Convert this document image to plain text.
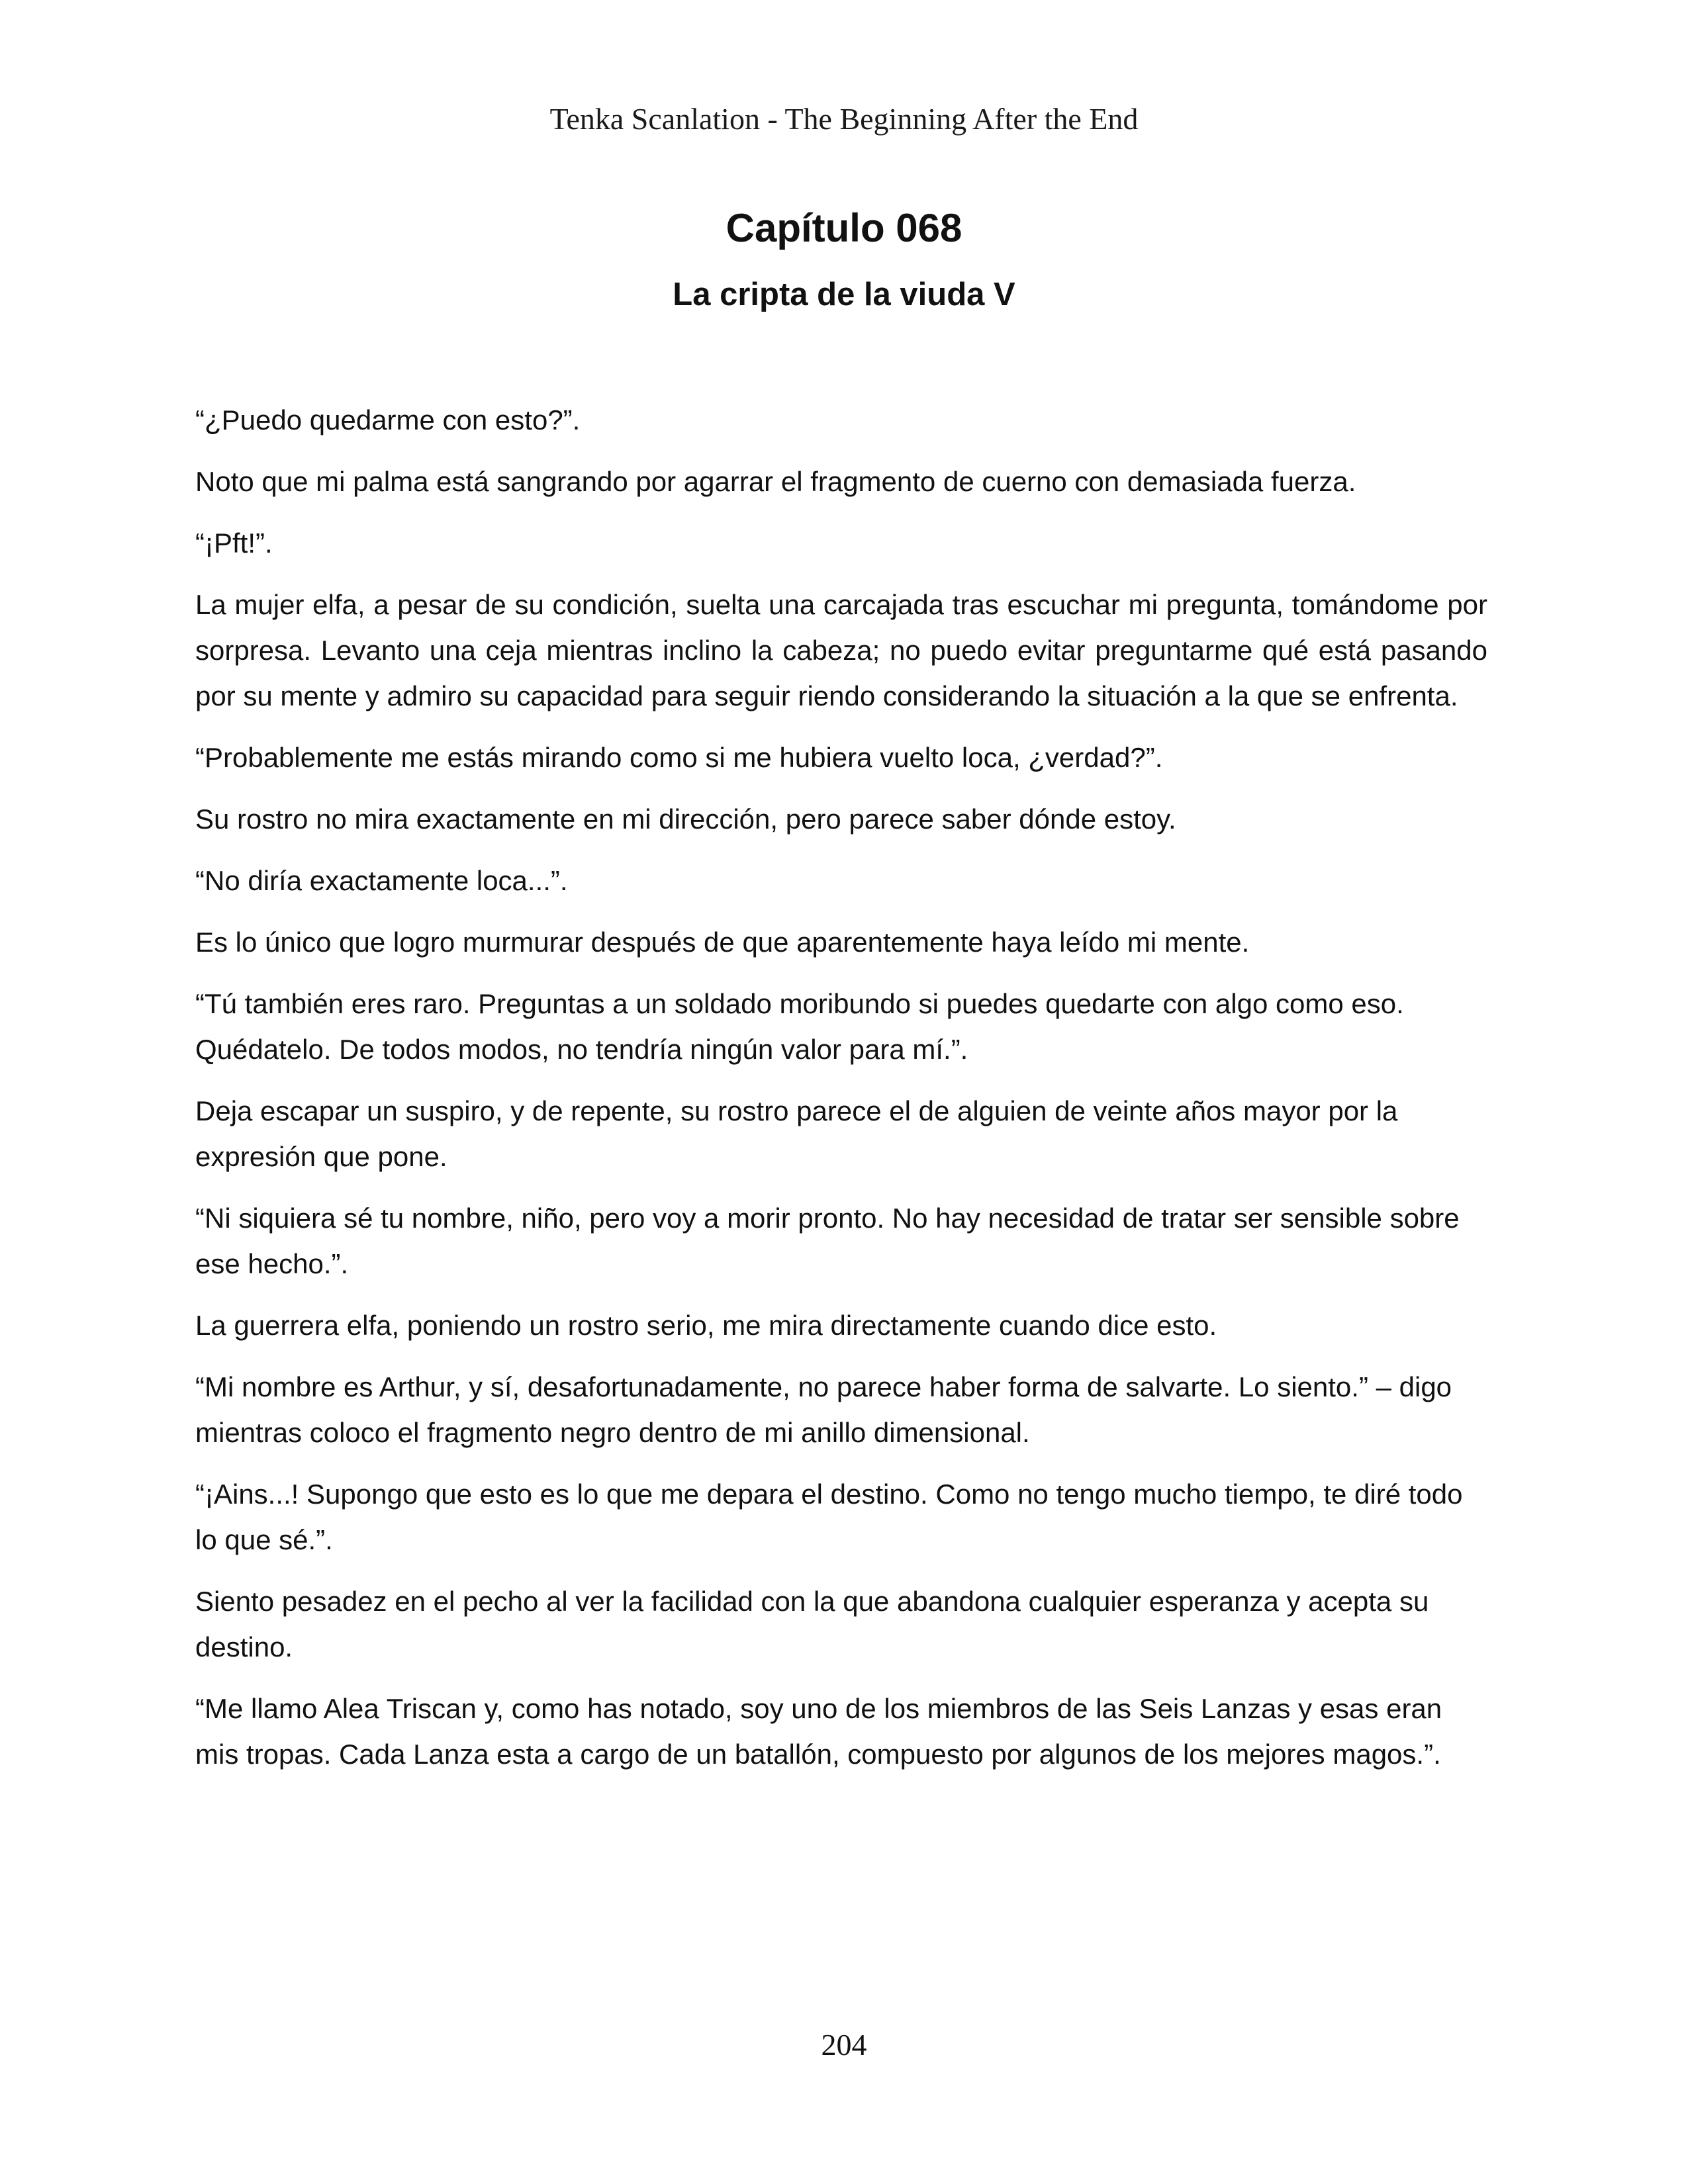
Tenka Scanlation - The Beginning After the End
Capítulo 068
La cripta de la viuda V

“¿Puedo quedarme con esto?”.

Noto que mi palma está sangrando por agarrar el fragmento de cuerno con demasiada fuerza.

“¡Pft!”.

La mujer elfa, a pesar de su condición, suelta una carcajada tras escuchar mi pregunta, tomándome por sorpresa. Levanto una ceja mientras inclino la cabeza; no puedo evitar preguntarme qué está pasando por su mente y admiro su capacidad para seguir riendo considerando la situación a la que se enfrenta.

“Probablemente me estás mirando como si me hubiera vuelto loca, ¿verdad?”.

Su rostro no mira exactamente en mi dirección, pero parece saber dónde estoy.

“No diría exactamente loca...”.

Es lo único que logro murmurar después de que aparentemente haya leído mi mente.

“Tú también eres raro. Preguntas a un soldado moribundo si puedes quedarte con algo como eso. Quédatelo. De todos modos, no tendría ningún valor para mí.”.

Deja escapar un suspiro, y de repente, su rostro parece el de alguien de veinte años mayor por la expresión que pone.

“Ni siquiera sé tu nombre, niño, pero voy a morir pronto. No hay necesidad de tratar ser sensible sobre ese hecho.”.

La guerrera elfa, poniendo un rostro serio, me mira directamente cuando dice esto.

“Mi nombre es Arthur, y sí, desafortunadamente, no parece haber forma de salvarte. Lo siento.” – digo mientras coloco el fragmento negro dentro de mi anillo dimensional.

“¡Ains...! Supongo que esto es lo que me depara el destino. Como no tengo mucho tiempo, te diré todo lo que sé.”.

Siento pesadez en el pecho al ver la facilidad con la que abandona cualquier esperanza y acepta su destino.

“Me llamo Alea Triscan y, como has notado, soy uno de los miembros de las Seis Lanzas y esas eran mis tropas. Cada Lanza esta a cargo de un batallón, compuesto por algunos de los mejores magos.”.

204
